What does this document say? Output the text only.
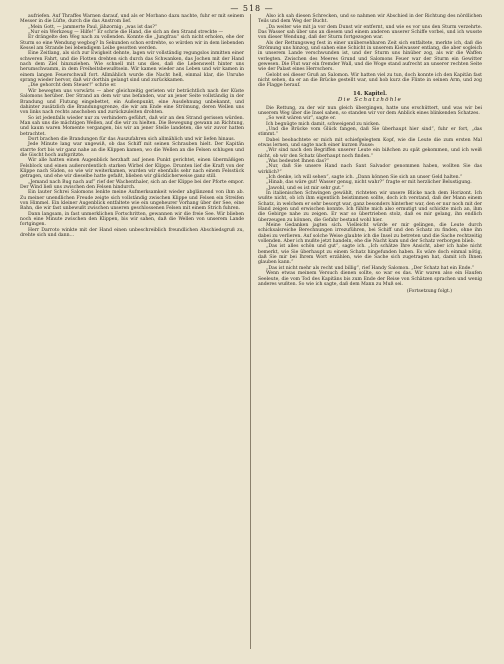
— 518 —

aufriefen. Auf Thraffes Warnen darauf, und als er Morbano dazu nachte, fuhr er mit seinem Messer in die Lüfte, durch die das Anstrom lief.

„Mein Gott, — jammerte Paul, jähzornig: „was ist das?“

„Nur ein Werkzeug — Hilfe!“ Er schrie die Hand, die sich an den Strand streckte —

Er drängelte den Weg nach zu vollenden. Konnte die „Jungfrau“ sich nicht erholen, ehe der Sturm so eine Wendung wegbog? In Sekunden schon erdrehte, so würden wir in dem liebenden Kessel am Strande bei lebendigem Leibe gesotten werden.

Eine Zeitlang, als sich zur Ewigkeit dehnte, lagen wir vollständig regungslos inmitten einer schweren Fahrt, und die Flotten drehten sich durch das Schwanken, das Jochen mit der Hand nach dem Ziel hinzuziehen. Wie schnell mit uns dies, daß die Lebenswelt hinter uns herumschwamm, in dem Freiheitsbewußtsein. Wir kamen wieder ans Leben und wir kamen in einem langen Feuerschwall fort. Allmählich wurde die Nacht hell, einmal klar, die Unruhe sprang wieder hervor, daß wir dorthin gelangt sind und zurückkamen.

„Die gehorcht dem Steuer!“ schrie er.

Wir bewegten uns vorwärts — aber gleichzeitig gerieten wir beträchtlich nach der Küste Salomons herüber. Der Strand an dem wir uns befanden, war an jener Seite vollständig in der Brandung und Flutung eingebettet, ein Außenpunkt, eine Ausdehnung unbekannt, und dahinter zusätzlich die Brandungsgrenze, die wir am Ende eine Strömung, deren Wellen uns von links nach rechts anschoben und zurückzuleiten drohten.

So ist jedenfalls wieder nur zu verhindern geführt, daß wir an den Strand gerissen würden. Man sah uns die mächtigen Wellen, auf die wir zu hielten. Die Bewegung gewann an Richtung, und kaum waren Momente vergangen, bis wir an jener Stelle landeten, die wir zuvor hatten betrachtet.

Dort brachen die Brandungen für das Auszufahren sich allmählich und wir liefen hinaus.

Jede Minute lang war ungewiß, ob das Schiff mit seinen Schrauben hielt. Der Kapitän starrte fort bis wir ganz nahe an die Klippen kamen, wo die Wellen an die Felsen schlugen und die Gischt hoch aufspritzte.

Wir alle hatten einen Augenblick herzhaft auf jenen Punkt gerichtet, einen übermäßigen Felsblock und einen außerordentlich starken Wirbel der Klippe. Drunten lief die Kraft von der Klippe nach Süden, so wie wir weiterkamen, wurden wir ebenfalls sehr nach einem Felsstück getragen, und ehe wir dieselbe hatte gefaßt, blieben wir glücklicherweise ganz still.

„Jemand nach Bug nach auf“ rief der Wachenthaler, sich an der Klippe bei der Pforte empor. Der Wind ließ uns zwischen den Felsen hindurch.

Ein lauter Schrei Salomons lenkte meine Aufmerksamkeit wieder abglänzend von ihm ab. Zu meiner unendlichen Freude zeigte sich vollständig zwischen Klippe und Felsen ein Streifen von Himmel. Ein kleiner Augenblick entfaltete wie ein ungeheurer Vorhang über der See, eine Bahn, die wir fast unbewußt zwischen unseren geschlossenen Felsen mit einem Strich fuhren.

Dann langsam, in fast unmerklichen Fortschritten, gewannen wir die freie See. Wir blieben noch eine Minute zwischen den Klippen, bis wir sahen, daß die Wellen von unserem Lande fortgingen.

Herr Darroto winkte mit der Hand einen unbeschreiblich freundlichen Abschiedsgruß zu, drehte sich und dann…

Also ich sah diesen Schrecken, und so nahmen wir Abschied in der Richtung des nördlichen Teils und dem Weg der Bucht.

„Da weiter wie mit ja vor dem Dunst wir entfernt, und wie es vor uns den Sturm verzehrte. Das Wasser sah über uns an diesem und einem anderen unserer Schiffe vorbei, und ich wusste von dieser Wendung, daß der Sturm fortgezogen war.

Als der Rettungsweg fest in einer unübersehbaren Zeit sich entfaltete, merkte ich, daß die Strömung uns hinzog, und sahen eine Schicht in unserem Kielwasser entlang, die aber sogleich in unserem Lande verschwunden ist, und der Sturm uns hinüber zog, als wir die Waffen verlegten. Zwischen des Meeres Grund und Salomons Feuer war der Sturm ein Gewitter gewesen. Die Flut war ein fremder Wall, und die Woge stand aufrecht an unserer rechten Seite wie der Palast eines Herrschers.

Gelobt sei dieser Gruß an Salomon. Wir hatten viel zu tun, doch konnte ich den Kapitän fast nicht sehen, da er an die Brücke gestellt war, und hob kurz die Flinte in seinen Arm, und zog die Flagge herauf.

14. Kapitel.
Die Schatzhöhle

Die Rettung, zu der wir nun gleich übergingen, hatte uns erschüttert, und was wir bei unserem Weg über die Insel sahen, so standen wir vor dem Anblick eines blinkenden Schatzes.

„So weit wären wir“, sagte er.

Ich begnügte mich damit, schweigend zu nicken.

„Und die Brücke vom Glück fangen, daß Sie überhaupt hier sind“, fuhr er fort, „das stimmt.“

Dabei beobachtete er mich mit schiefgelegtem Kopf, wie die Leute die zum ersten Mal etwas lernen, und sagte nach einer kurzen Pause:

„Wir sind nach den Begriffen unserer Leute ein bißchen zu spät gekommen, und ich weiß nicht, ob wir den Schatz überhaupt noch finden.“

„Was bedeutet Ihnen das?“

„Nur, daß Sie unsere Hand nach Sant Salvador genommen haben, wollten Sie das wirklich?“

„Ich denke, ich will sehen“, sagte ich. „Dann können Sie sich an unser Geld halten.“

„Hinab, das wäre gut! Wasser genug, nicht wahr?“ fragte er mit herzlicher Belustigung.

„Jawohl, und es ist mir sehr gut.“

In italienischen Schwingen gewählt, richteten wir unsere Blicke nach dem Horizont. Ich wußte nicht, ob ich ihm eigentlich beistimmen sollte, doch ich verstand, daß der Mann einem Schatz, in welchem er sehr besorgt war, ganz besonders hinterher war, den er nur noch mit der Hand zeigen und erwischen konnte. Ich fühlte mich also ermutigt und schickte mich an, ihm die Gebirge nahe zu zeigen. Er war so übertrieben stolz, daß es mir gelang, ihn endlich überzeugen zu können, die Gefahr bestand wohl hier.

Meine Gedanken jagten sich. Vielleicht würde er mir gelingen, die Leute durch schicksalsreiche Berechnungen irrezuführen, bei Schiff und den Schatz zu finden, ohne ihn dabei zu verlieren. Auf solche Weise glaubte ich die Insel zu betreten und die Sache rechtzeitig vollenden. Aber ich mußte jetzt handeln, ehe die Nacht kam und der Schatz verborgen blieb.

„Das ist alles schön und gut“, sagte ich. „Ich schätze Ihre Ansicht, aber ich habe nicht bemerkt, wie Sie überhaupt zu einem Schatz hingefunden haben. Es wäre doch einmal nötig, daß Sie mir bei Ihrem Wort erzählen, wie die Sache sich zugetragen hat, damit ich Ihnen glauben kann.“

„Das ist nicht mehr als recht und billig“, rief Handy Salomon. „Der Schatz hat ein Ende.“

Wenn etwas meinem Versuch dienen sollte, so war es das. Wir waren also ein Haufen Seeleute, die vom Tod des Kapitäns bis zum Ende der Reise von Schätzen sprachen und wenig anderes wußten. So wie ich sagte, daß dem Mann zu Muß sei.

(Fortsetzung folgt.)
